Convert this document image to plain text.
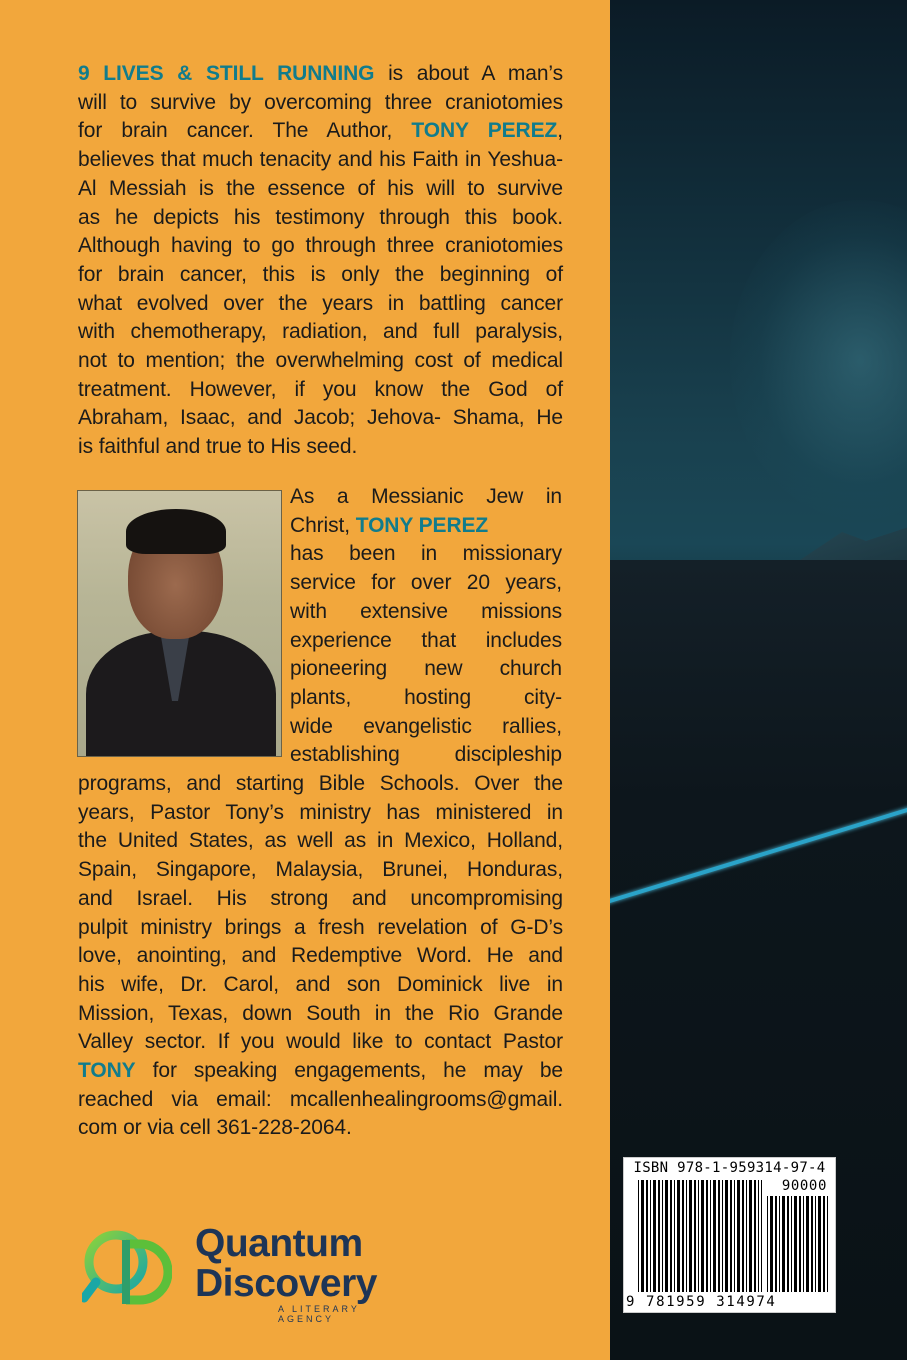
9 LIVES & STILL RUNNING is about A man’s
will to survive by overcoming three craniotomies
for brain cancer. The Author, TONY PEREZ,
believes that much tenacity and his Faith in Yeshua-
Al Messiah is the essence of his will to survive
as he depicts his testimony through this book.
Although having to go through three craniotomies
for brain cancer, this is only the beginning of
what evolved over the years in battling cancer
with chemotherapy, radiation, and full paralysis,
not to mention; the overwhelming cost of medical
treatment. However, if you know the God of
Abraham, Isaac, and Jacob; Jehova- Shama, He
is faithful and true to His seed.
As a Messianic Jew in
Christ, TONY PEREZ
has been in missionary
service for over 20 years,
with extensive missions
experience that includes
pioneering new church
plants, hosting city-
wide evangelistic rallies,
establishing discipleship
programs, and starting Bible Schools. Over the
years, Pastor Tony’s ministry has ministered in
the United States, as well as in Mexico, Holland,
Spain, Singapore, Malaysia, Brunei, Honduras,
and Israel. His strong and uncompromising
pulpit ministry brings a fresh revelation of G-D’s
love, anointing, and Redemptive Word. He and
his wife, Dr. Carol, and son Dominick live in
Mission, Texas, down South in the Rio Grande
Valley sector. If you would like to contact Pastor
TONY for speaking engagements, he may be
reached via email: mcallenhealingrooms@gmail.
com or via cell 361-228-2064.
Quantum
Discovery
A LITERARY AGENCY
ISBN 978-1-959314-97-4
90000
9 781959 314974
